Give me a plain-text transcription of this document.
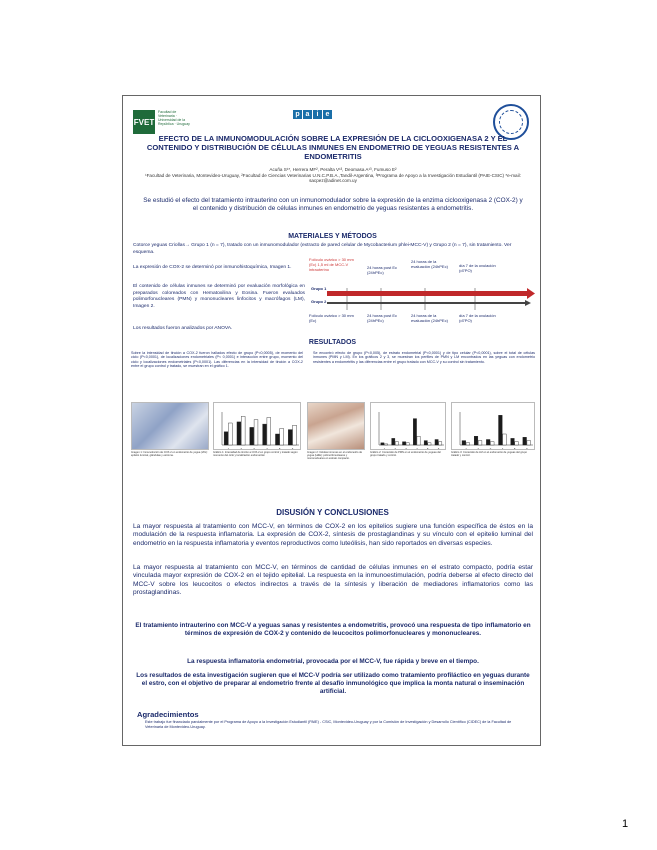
FVET
Facultad de Veterinaria · Universidad de la República · Uruguay
p a	i	e
EFECTO DE LA INMUNOMODULACIÓN SOBRE LA EXPRESIÓN DE LA CICLOOXIGENASA 2 Y EL CONTENIDO Y DISTRIBUCIÓN DE CÉLULAS INMUNES EN ENDOMETRIO DE YEGUAS RESISTENTES A ENDOMETRITIS
Acuña S¹*, Herrera MF², Peralta V¹³, Deomasa A¹³, Fumuso E²
¹Facultad de Veterinaria, Montevideo-Uruguay, ²Facultad de Ciencias Veterinarias U.N.C.P.B.A.,Tandil-Argentina, ³Programa de Apoyo a la Investigación Estudiantil (PAIE-CSIC) *e-mail: sacpez@adinet.com.uy
Se estudió el efecto del tratamiento intrauterino con un inmunomodulador sobre la expresión de la enzima ciclooxigenasa 2 (COX-2) y el contenido y distribución de células inmunes en endometrio de yeguas resistentes a endometritis.
MATERIALES Y MÉTODOS
Cotorce yeguas Criollas→ Grupo 1 (n = 7), tratado con un inmunomodulador (extracto de pared celular de Mycobacterium phlei-MCC-V) y Grupo 2 (n = 7), sin tratamiento. Ver esquema.
La expresión de COX-2 se determinó por inmunohistoquímica, Imagen 1.
El contenido de células inmunes se determinó por evaluación morfológica en preparados coloreados con Hematoxilina y Eosina. Fueron evaluados polimorfonucleares (PMN) y mononucleares linfocitos y macrófagos (LM), Imagen 2.
Los resultados fueron analizados por ANOVA.
Folículo ovárico > 30 mm (Ec) 1,5 ml de MCC-V intrauterino	24 horas post Ec (24hPEc)
24 horas de la evaluación (24hPEc)	día 7 de la ovulación (d7PO)
Grupo 1
Grupo 2
Folículo ovárico > 30 mm (Ec)
24 horas post Ec (24hPEc)
24 horas de la evaluación (24hPEc)
día 7 de la ovulación (d7PO)
RESULTADOS
Sobre la intensidad de tinción a COX-2 fueron hallados efecto de grupo (P<0,0005), de momento del ciclo (P<0,0001), de localizaciones endometriales (P< 0,0001) e interacción entre grupo, momento del ciclo y localizaciones endometriales (P<0,0001). Las diferencias en la intensidad de tinción a COX-2 entre el grupo control y tratado, se muestran en el gráfico 1.
Se encontró efecto de grupo (P<0,005), de estrato endometrial (P<0,0001) y de tipo celular (P<0,0001), sobre el total de células inmunes (PMN y LM). En los gráficos 2 y 3, se muestran los perfiles de PMN y LM encontrados en las yeguas con endometrio resistentes a endometritis y las diferencias entre el grupo tratado con MCC-V y su control sin tratamiento.
1	2	3	4	5	6	1	2	3	4	5	6	1	2	3	4	5	6
Imagen 1: Inmunotinción de COX-2 en endometrio de yegua (20x): epitelio luminal, glándulas y estroma.
Gráfico 1: Intensidad de tinción a COX-2 en grupo control y tratado según momento del ciclo y localización endometrial.
Imagen 2: Células inmunes en el endometrio de yegua (H&E): polimorfonucleares y mononucleares en estrato compacto.
Gráfico 2: Contenido de PMN en el endometrio de yeguas del grupo tratado y control.
Gráfico 3: Contenido de LM en el endometrio de yeguas del grupo tratado y control.
DISUSIÓN Y CONCLUSIONES
La mayor respuesta al tratamiento con MCC-V, en términos de COX-2 en los epitelios sugiere una función específica de éstos en la modulación de la respuesta inflamatoria. La expresión de COX-2, síntesis de prostaglandinas y su vínculo con el epitelio luminal del endometrio en la respuesta inflamatoria y eventos reproductivos como luteólisis, han sido reportados en diversas especies.
La mayor respuesta al tratamiento con MCC-V, en términos de cantidad de células inmunes en el estrato compacto, podría estar vinculada mayor expresión de COX-2 en el tejido epitelial. La respuesta en la inmunoestimulación, podría deberse al efecto directo del MCC-V sobre los leucocitos o efectos indirectos a través de la síntesis y liberación de mediadores inflamatorios como las prostaglandinas.
El tratamiento intrauterino con MCC-V a yeguas sanas y resistentes a endometritis, provocó una respuesta de tipo inflamatorio en términos de expresión de COX-2 y contenido de leucocitos polimorfonucleares y mononucleares.
La respuesta inflamatoria endometrial, provocada por el MCC-V, fue rápida y breve en el tiempo.
Los resultados de esta investigación sugieren que el MCC-V podría ser utilizado como tratamiento profiláctico en yeguas durante el estro, con el objetivo de preparar al endometrio frente al desafío inmunológico que implica la monta natural o inseminación artificial.
Agradecimientos
Este trabajo fue financiado parcialmente por el Programa de Apoyo a la Investigación Estudiantil (PAIE) - CSIC, Montevideo-Uruguay y por la Comisión de Investigación y Desarrollo Científico (CIDEC) de la Facultad de Veterinaria de Montevideo-Uruguay.
1
